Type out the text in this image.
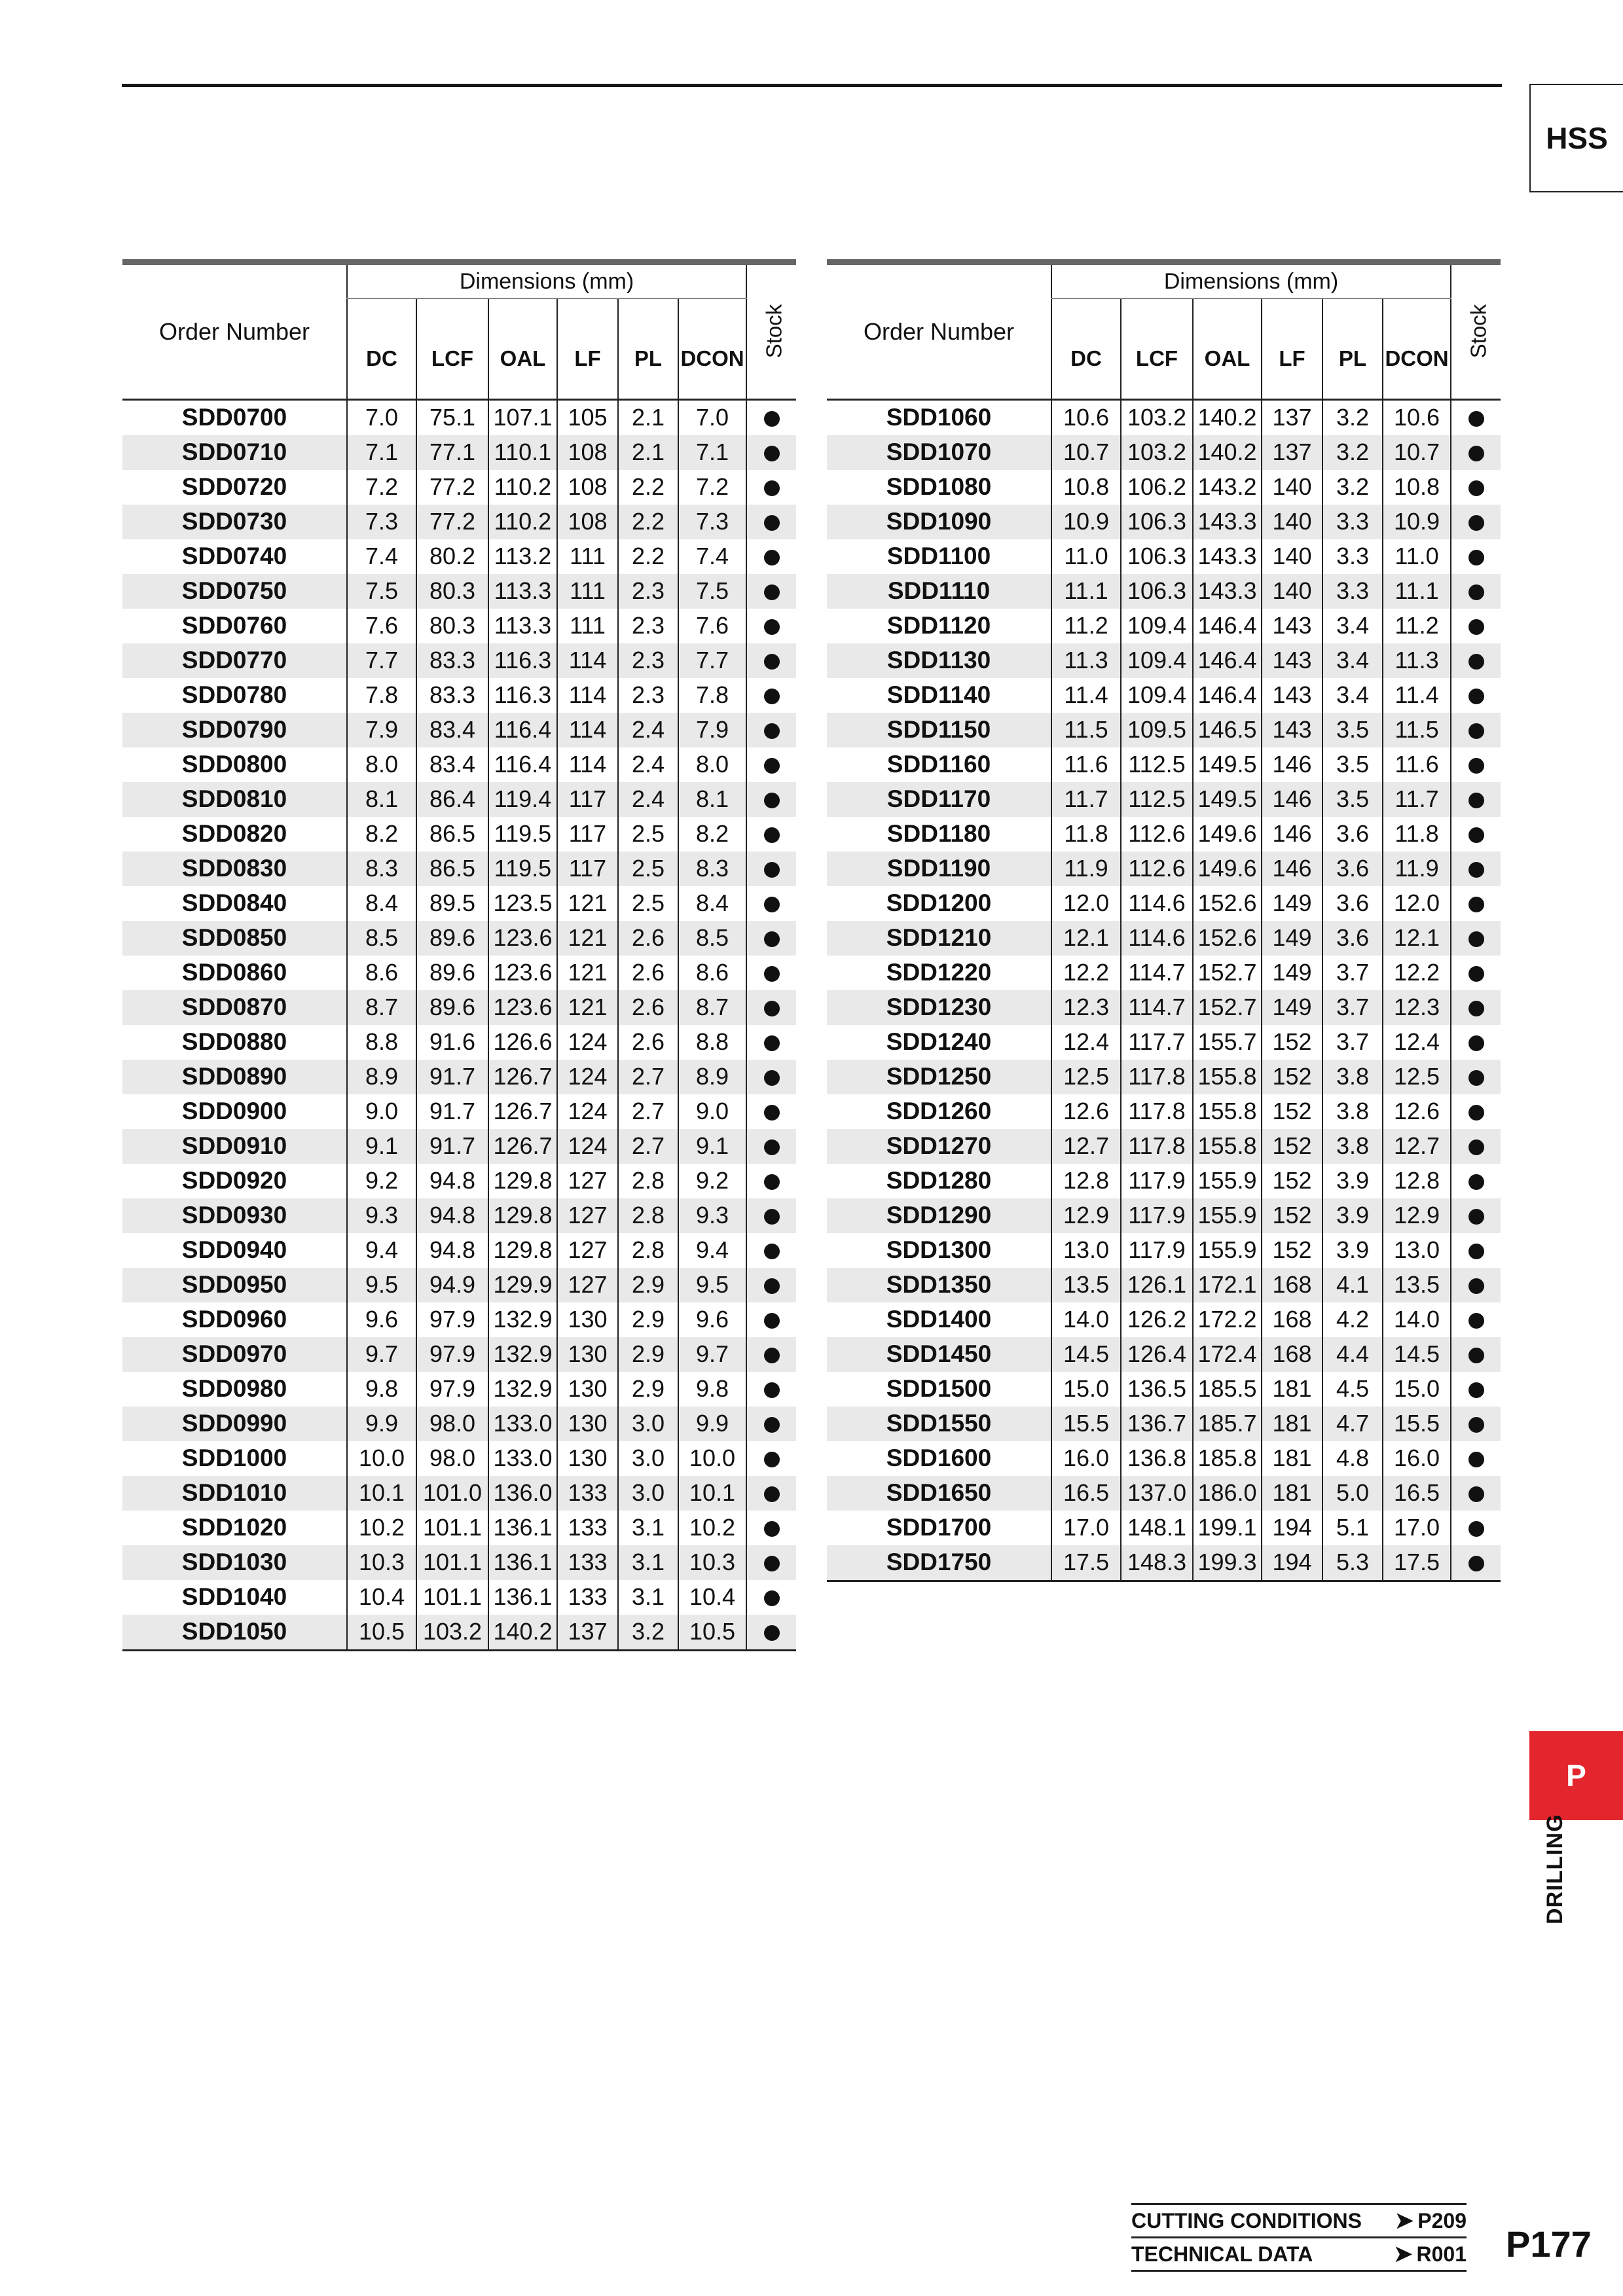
HSS
Order Number	Dimensions (mm)						Stock
	DC	LCF	OAL	LF	PL	DCON	
SDD0700	7.0	75.1	107.1	105	2.1	7.0	
SDD0710	7.1	77.1	110.1	108	2.1	7.1	
SDD0720	7.2	77.2	110.2	108	2.2	7.2	
SDD0730	7.3	77.2	110.2	108	2.2	7.3	
SDD0740	7.4	80.2	113.2	111	2.2	7.4	
SDD0750	7.5	80.3	113.3	111	2.3	7.5	
SDD0760	7.6	80.3	113.3	111	2.3	7.6	
SDD0770	7.7	83.3	116.3	114	2.3	7.7	
SDD0780	7.8	83.3	116.3	114	2.3	7.8	
SDD0790	7.9	83.4	116.4	114	2.4	7.9	
SDD0800	8.0	83.4	116.4	114	2.4	8.0	
SDD0810	8.1	86.4	119.4	117	2.4	8.1	
SDD0820	8.2	86.5	119.5	117	2.5	8.2	
SDD0830	8.3	86.5	119.5	117	2.5	8.3	
SDD0840	8.4	89.5	123.5	121	2.5	8.4	
SDD0850	8.5	89.6	123.6	121	2.6	8.5	
SDD0860	8.6	89.6	123.6	121	2.6	8.6	
SDD0870	8.7	89.6	123.6	121	2.6	8.7	
SDD0880	8.8	91.6	126.6	124	2.6	8.8	
SDD0890	8.9	91.7	126.7	124	2.7	8.9	
SDD0900	9.0	91.7	126.7	124	2.7	9.0	
SDD0910	9.1	91.7	126.7	124	2.7	9.1	
SDD0920	9.2	94.8	129.8	127	2.8	9.2	
SDD0930	9.3	94.8	129.8	127	2.8	9.3	
SDD0940	9.4	94.8	129.8	127	2.8	9.4	
SDD0950	9.5	94.9	129.9	127	2.9	9.5	
SDD0960	9.6	97.9	132.9	130	2.9	9.6	
SDD0970	9.7	97.9	132.9	130	2.9	9.7	
SDD0980	9.8	97.9	132.9	130	2.9	9.8	
SDD0990	9.9	98.0	133.0	130	3.0	9.9	
SDD1000	10.0	98.0	133.0	130	3.0	10.0	
SDD1010	10.1	101.0	136.0	133	3.0	10.1	
SDD1020	10.2	101.1	136.1	133	3.1	10.2	
SDD1030	10.3	101.1	136.1	133	3.1	10.3	
SDD1040	10.4	101.1	136.1	133	3.1	10.4	
SDD1050	10.5	103.2	140.2	137	3.2	10.5	
Order Number	Dimensions (mm)						Stock
	DC	LCF	OAL	LF	PL	DCON	
SDD1060	10.6	103.2	140.2	137	3.2	10.6	
SDD1070	10.7	103.2	140.2	137	3.2	10.7	
SDD1080	10.8	106.2	143.2	140	3.2	10.8	
SDD1090	10.9	106.3	143.3	140	3.3	10.9	
SDD1100	11.0	106.3	143.3	140	3.3	11.0	
SDD1110	11.1	106.3	143.3	140	3.3	11.1	
SDD1120	11.2	109.4	146.4	143	3.4	11.2	
SDD1130	11.3	109.4	146.4	143	3.4	11.3	
SDD1140	11.4	109.4	146.4	143	3.4	11.4	
SDD1150	11.5	109.5	146.5	143	3.5	11.5	
SDD1160	11.6	112.5	149.5	146	3.5	11.6	
SDD1170	11.7	112.5	149.5	146	3.5	11.7	
SDD1180	11.8	112.6	149.6	146	3.6	11.8	
SDD1190	11.9	112.6	149.6	146	3.6	11.9	
SDD1200	12.0	114.6	152.6	149	3.6	12.0	
SDD1210	12.1	114.6	152.6	149	3.6	12.1	
SDD1220	12.2	114.7	152.7	149	3.7	12.2	
SDD1230	12.3	114.7	152.7	149	3.7	12.3	
SDD1240	12.4	117.7	155.7	152	3.7	12.4	
SDD1250	12.5	117.8	155.8	152	3.8	12.5	
SDD1260	12.6	117.8	155.8	152	3.8	12.6	
SDD1270	12.7	117.8	155.8	152	3.8	12.7	
SDD1280	12.8	117.9	155.9	152	3.9	12.8	
SDD1290	12.9	117.9	155.9	152	3.9	12.9	
SDD1300	13.0	117.9	155.9	152	3.9	13.0	
SDD1350	13.5	126.1	172.1	168	4.1	13.5	
SDD1400	14.0	126.2	172.2	168	4.2	14.0	
SDD1450	14.5	126.4	172.4	168	4.4	14.5	
SDD1500	15.0	136.5	185.5	181	4.5	15.0	
SDD1550	15.5	136.7	185.7	181	4.7	15.5	
SDD1600	16.0	136.8	185.8	181	4.8	16.0	
SDD1650	16.5	137.0	186.0	181	5.0	16.5	
SDD1700	17.0	148.1	199.1	194	5.1	17.0	
SDD1750	17.5	148.3	199.3	194	5.3	17.5	
P
DRILLING
CUTTING CONDITIONS ➤ P209
TECHNICAL DATA	➤ R001 P177
